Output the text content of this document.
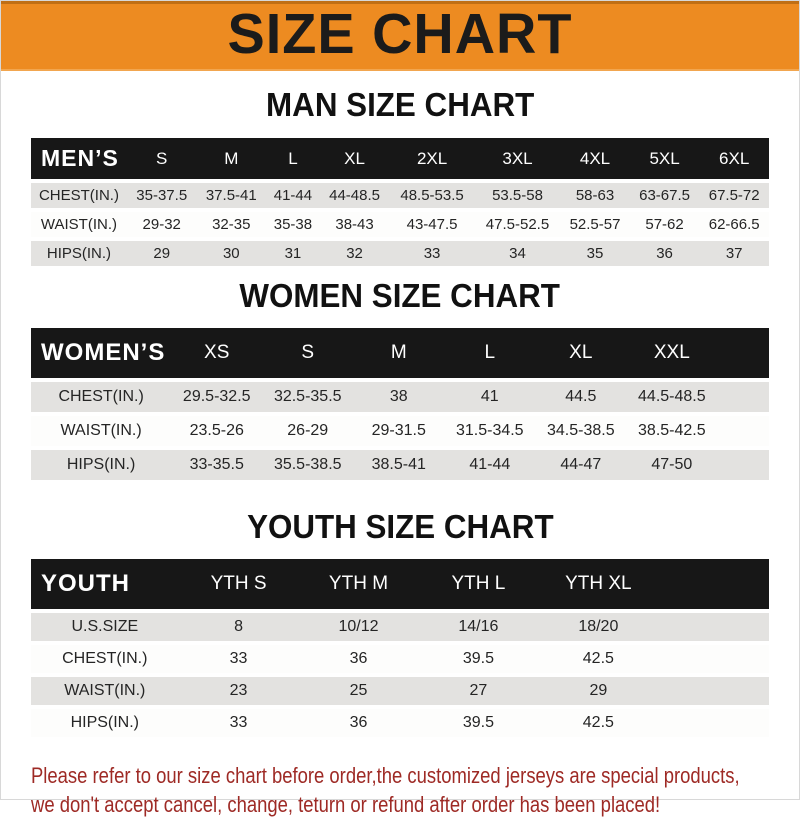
SIZE CHART
MAN SIZE CHART
MEN’S	S	M	L	XL	2XL	3XL	4XL	5XL	6XL
CHEST(IN.)	35-37.5	37.5-41	41-44	44-48.5	48.5-53.5	53.5-58	58-63	63-67.5	67.5-72
WAIST(IN.)	29-32	32-35	35-38	38-43	43-47.5	47.5-52.5	52.5-57	57-62	62-66.5
HIPS(IN.)	29	30	31	32	33	34	35	36	37
WOMEN SIZE CHART
WOMEN’S	XS	S	M	L	XL	XXL	
CHEST(IN.)	29.5-32.5	32.5-35.5	38	41	44.5	44.5-48.5	
WAIST(IN.)	23.5-26	26-29	29-31.5	31.5-34.5	34.5-38.5	38.5-42.5	
HIPS(IN.)	33-35.5	35.5-38.5	38.5-41	41-44	44-47	47-50	
YOUTH SIZE CHART
YOUTH	YTH S	YTH M	YTH L	YTH XL	
U.S.SIZE	8	10/12	14/16	18/20	
CHEST(IN.)	33	36	39.5	42.5	
WAIST(IN.)	23	25	27	29	
HIPS(IN.)	33	36	39.5	42.5	
Please refer to our size chart before order,the customized jerseys are special products,
we don't accept cancel, change, teturn or refund after order has been placed!
